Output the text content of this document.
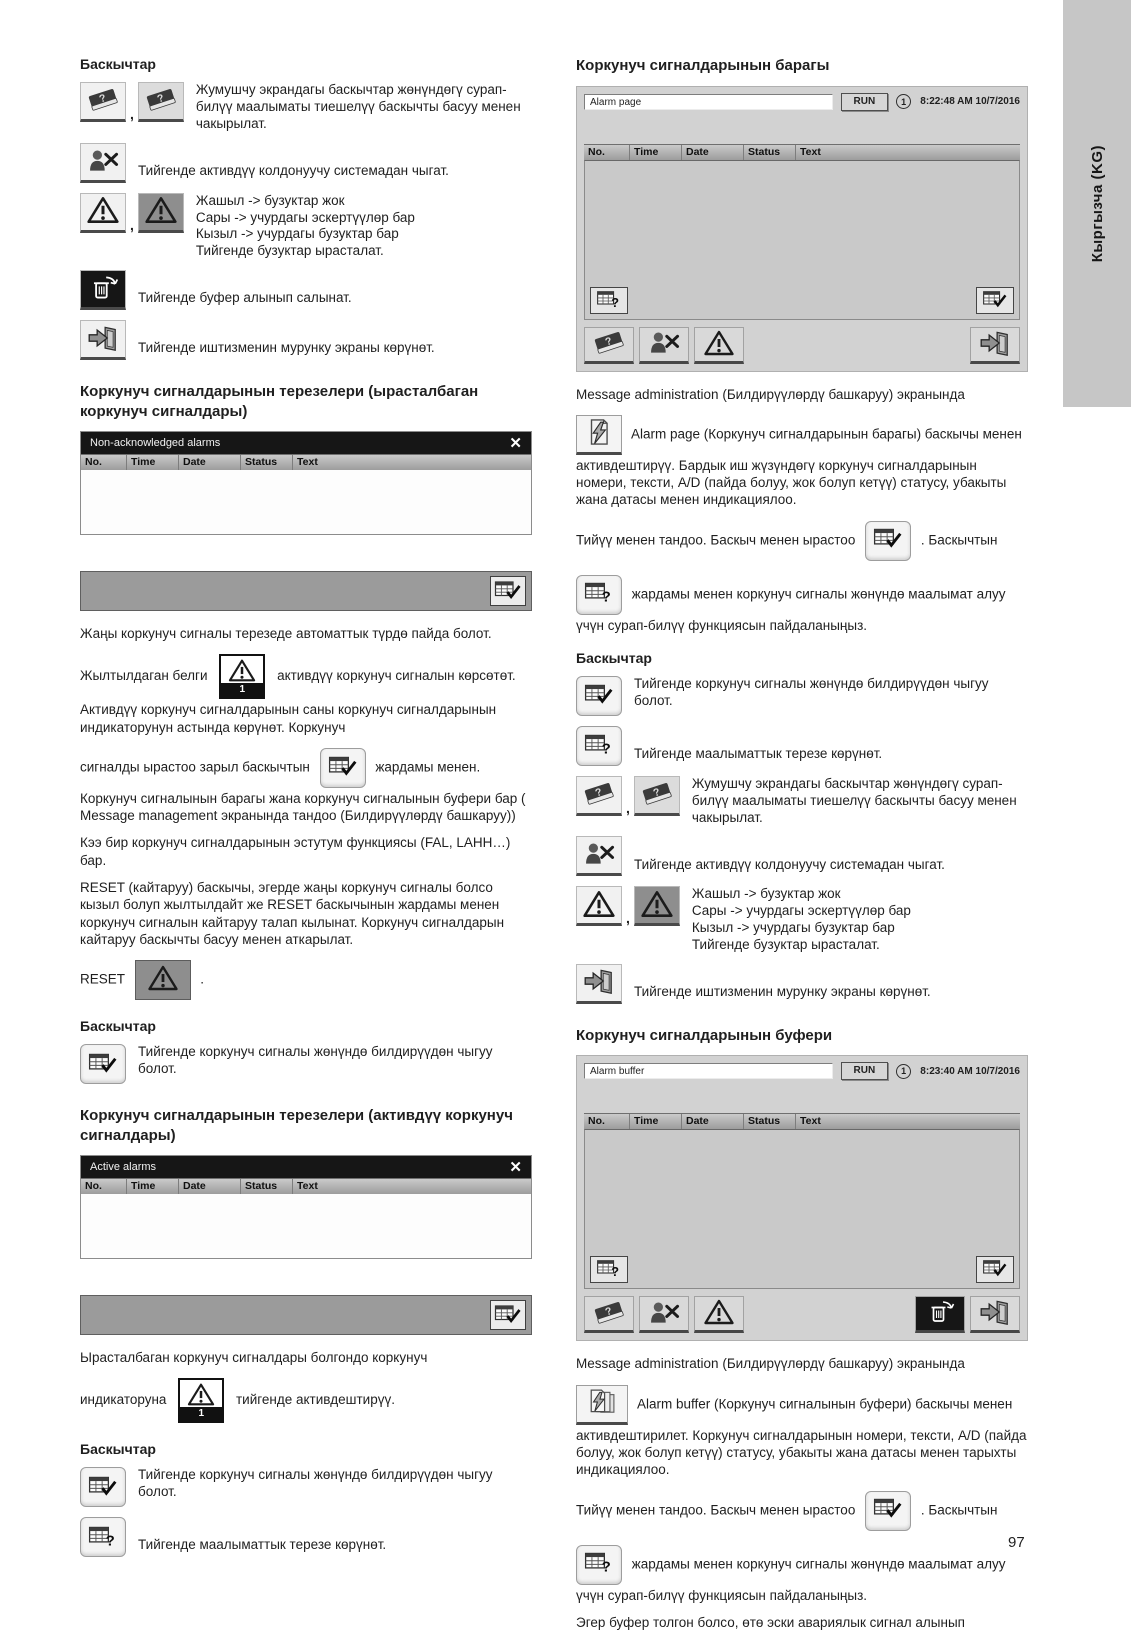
Баскычтар
,
Жумушчу экрандагы баскычтар жөнүндөгү сурап-билүү маалыматы тиешелүү баскычты басуу менен чакырылат.
Тийгенде активдүү колдонуучу системадан чыгат.
,
Жашыл -> бузуктар жок
Сары -> учурдагы эскертүүлөр бар
Кызыл -> учурдагы бузуктар бар
Тийгенде бузуктар ырасталат.
Тийгенде буфер алынып салынат.
Тийгенде иштизменин мурунку экраны көрүнөт.
Коркунуч сигналдарынын терезелери (ырасталбаган коркунуч сигналдары)
Non-acknowledged alarms	✕
No.	Time	Date	Status	Text
Жаңы коркунуч сигналы терезеде автоматтык түрдө пайда болот.
Жылтылдаган белги
1
активдүү коркунуч сигналын көрсөтөт. Активдүү коркунуч сигналдарынын саны коркунуч сигналдарынын индикаторунун астында көрүнөт. Коркунуч
сигналды ырастоо зарыл баскычтын	жардамы менен. Коркунуч сигналынын барагы жана коркунуч сигналынын буфери бар ( Message management экранында тандоо (Билдирүүлөрдү башкаруу))
Кээ бир коркунуч сигналдарынын эстутум функциясы (FAL, LAHH…) бар.
RESET (кайтаруу) баскычы, эгерде жаңы коркунуч сигналы болсо кызыл болуп жылтылдайт же RESET баскычынын жардамы менен коркунуч сигналын кайтаруу талап кылынат. Коркунуч сигналдарын кайтаруу баскычты басуу менен аткарылат.
RESET	.
Баскычтар
Тийгенде коркунуч сигналы жөнүндө билдирүүдөн чыгуу болот.
Коркунуч сигналдарынын терезелери (активдүү коркунуч сигналдары)
Active alarms	✕
No.	Time	Date	Status	Text
Ырасталбаган коркунуч сигналдары болгондо коркунуч
индикаторуна
1
тийгенде активдештирүү.
Баскычтар
Тийгенде коркунуч сигналы жөнүндө билдирүүдөн чыгуу болот.
Тийгенде маалыматтык терезе көрүнөт.
Коркунуч сигналдарынын барагы
Alarm page	RUN	1	8:22:48 AM 10/7/2016
No.	Time	Date	Status	Text
Message administration (Билдирүүлөрдү башкаруу) экранында
Alarm page (Коркунуч сигналдарынын барагы) баскычы менен активдештирүү. Бардык иш жүзүндөгү коркунуч сигналдарынын номери, тексти, A/D (пайда болуу, жок болуп кетүү) статусу, убакыты жана датасы менен индикациялоо.
Тийүү менен тандоо. Баскыч менен ырастоо	. Баскычтын
жардамы менен коркунуч сигналы жөнүндө маалымат алуу үчүн сурап-билүү функциясын пайдаланыңыз.
Баскычтар
Тийгенде коркунуч сигналы жөнүндө билдирүүдөн чыгуу болот.
Тийгенде маалыматтык терезе көрүнөт.
,
Жумушчу экрандагы баскычтар жөнүндөгү сурап-билүү маалыматы тиешелүү баскычты басуу менен чакырылат.
Тийгенде активдүү колдонуучу системадан чыгат.
,
Жашыл -> бузуктар жок
Сары -> учурдагы эскертүүлөр бар
Кызыл -> учурдагы бузуктар бар
Тийгенде бузуктар ырасталат.
Тийгенде иштизменин мурунку экраны көрүнөт.
Коркунуч сигналдарынын буфери
Alarm buffer	RUN	1	8:23:40 AM 10/7/2016
No.	Time	Date	Status	Text
Message administration (Билдирүүлөрдү башкаруу) экранында
Alarm buffer (Коркунуч сигналынын буфери) баскычы менен активдештирилет. Коркунуч сигналдарынын номери, тексти, A/D (пайда болуу, жок болуп кетүү) статусу, убакыты жана датасы менен тарыхты индикациялоо.
Тийүү менен тандоо. Баскыч менен ырастоо	. Баскычтын
жардамы менен коркунуч сигналы жөнүндө маалымат алуу үчүн сурап-билүү функциясын пайдаланыңыз.
Эгер буфер толгон болсо, өтө эски авариялык сигнал алынып
Кыргызча (KG)
97
